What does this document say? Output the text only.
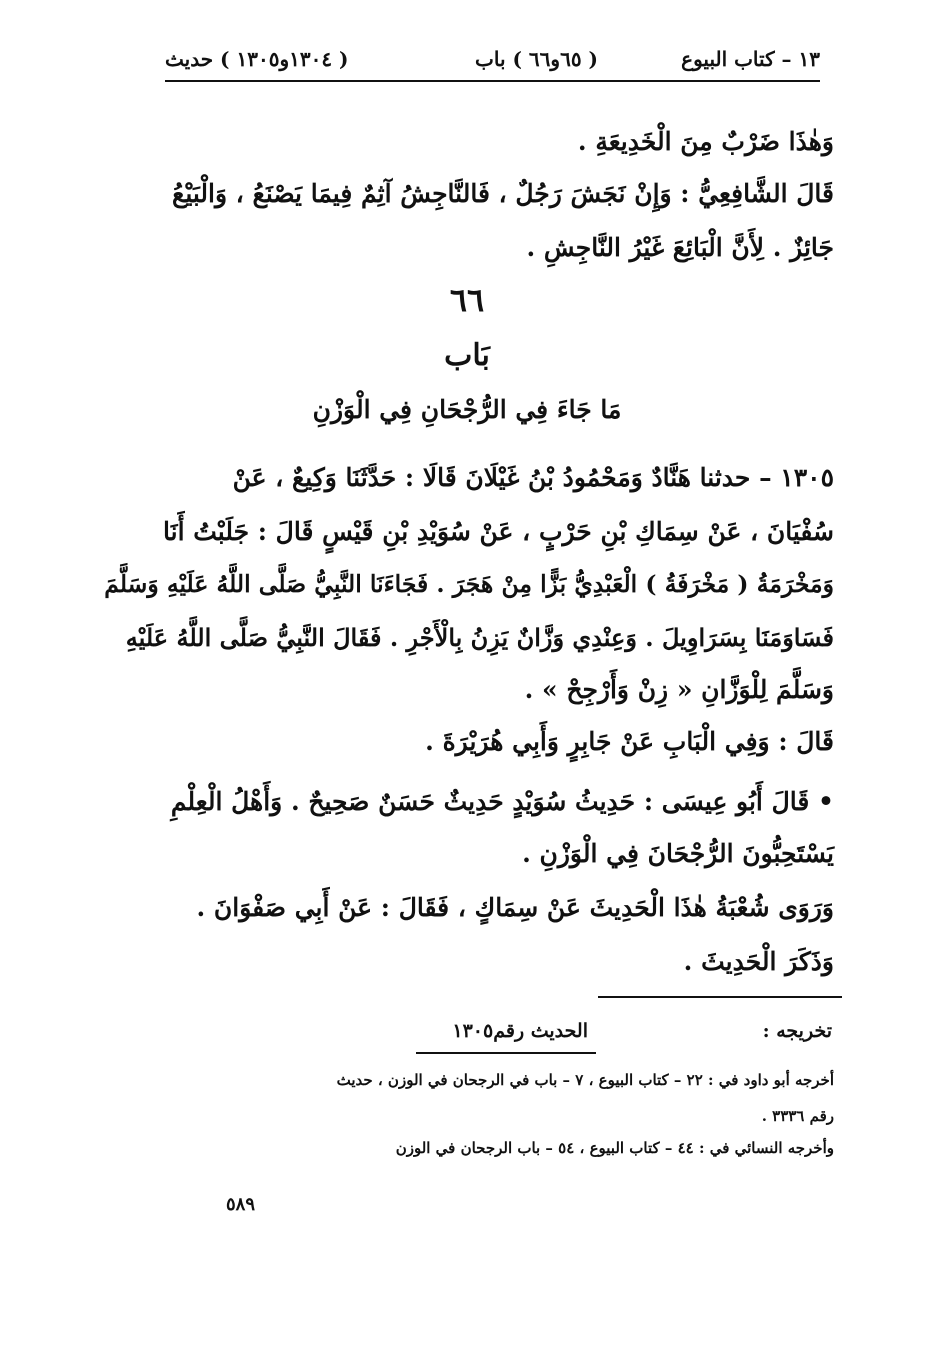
١٣ – كتاب البيوع
( ٦٥و٦٦ ) باب
( ١٣٠٤و١٣٠٥ ) حديث
وَهٰذَا ضَرْبٌ مِنَ الْخَدِيعَةِ .
قَالَ الشَّافِعِيُّ : وَإِنْ نَجَشَ رَجُلٌ ، فَالنَّاجِشُ آثِمٌ فِيمَا يَصْنَعُ ، وَالْبَيْعُ
جَائِزٌ . لِأَنَّ الْبَائِعَ غَيْرُ النَّاجِشِ .
٦٦
بَاب
مَا جَاءَ فِي الرُّجْحَانِ فِي الْوَزْنِ
١٣٠٥ – حدثنا هَنَّادٌ وَمَحْمُودُ بْنُ غَيْلَانَ قَالَا : حَدَّثَنَا وَكِيعٌ ، عَنْ
سُفْيَانَ ، عَنْ سِمَاكِ بْنِ حَرْبٍ ، عَنْ سُوَيْدِ بْنِ قَيْسٍ قَالَ : جَلَبْتُ أَنَا
وَمَخْرَمَةُ ( مَخْرَفَةُ ) الْعَبْدِيُّ بَزًّا مِنْ هَجَرَ . فَجَاءَنَا النَّبِيُّ صَلَّى اللَّهُ عَلَيْهِ وَسَلَّمَ
فَسَاوَمَنَا بِسَرَاوِيلَ . وَعِنْدِي وَزَّانٌ يَزِنُ بِالْأَجْرِ . فَقَالَ النَّبِيُّ صَلَّى اللَّهُ عَلَيْهِ
وَسَلَّمَ لِلْوَزَّانِ « زِنْ وَأَرْجِحْ » .
قَالَ : وَفِي الْبَابِ عَنْ جَابِرٍ وَأَبِي هُرَيْرَةَ .
• قَالَ أَبُو عِيسَى : حَدِيثُ سُوَيْدٍ حَدِيثٌ حَسَنٌ صَحِيحٌ . وَأَهْلُ الْعِلْمِ
يَسْتَحِبُّونَ الرُّجْحَانَ فِي الْوَزْنِ .
وَرَوَى شُعْبَةُ هٰذَا الْحَدِيثَ عَنْ سِمَاكٍ ، فَقَالَ : عَنْ أَبِي صَفْوَانَ .
وَذَكَرَ الْحَدِيثَ .
تخريجه :
الحديث رقم١٣٠٥
أخرجه أبو داود في : ٢٢ – كتاب البيوع ، ٧ – باب في الرجحان في الوزن ، حديث
رقم ٣٣٣٦ .
وأخرجه النسائي في : ٤٤ – كتاب البيوع ، ٥٤ – باب الرجحان في الوزن
٥٨٩
